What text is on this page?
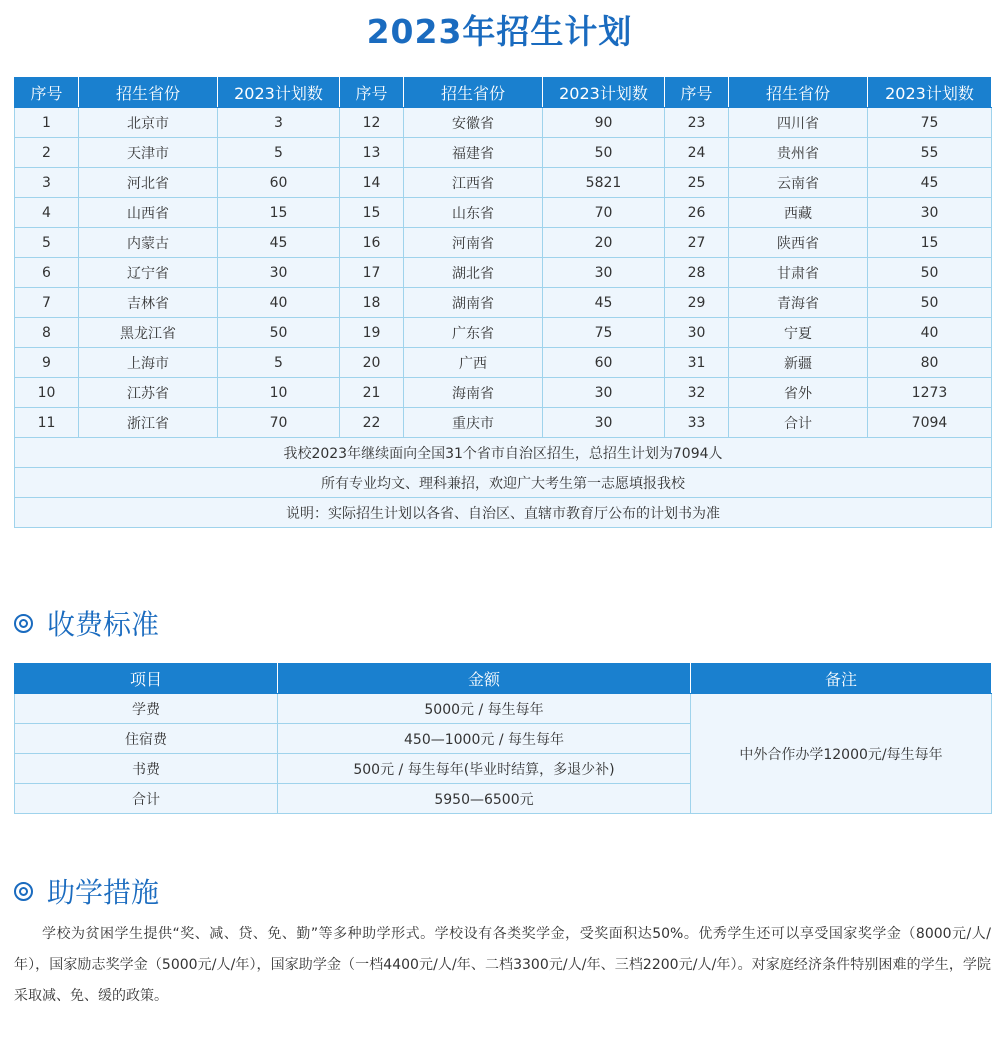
2023年招生计划
序号	招生省份	2023计划数	序号	招生省份	2023计划数	序号	招生省份	2023计划数
1	北京市	3	12	安徽省	90	23	四川省	75
2	天津市	5	13	福建省	50	24	贵州省	55
3	河北省	60	14	江西省	5821	25	云南省	45
4	山西省	15	15	山东省	70	26	西藏	30
5	内蒙古	45	16	河南省	20	27	陕西省	15
6	辽宁省	30	17	湖北省	30	28	甘肃省	50
7	吉林省	40	18	湖南省	45	29	青海省	50
8	黑龙江省	50	19	广东省	75	30	宁夏	40
9	上海市	5	20	广西	60	31	新疆	80
10	江苏省	10	21	海南省	30	32	省外	1273
11	浙江省	70	22	重庆市	30	33	合计	7094
我校2023年继续面向全国31个省市自治区招生，总招生计划为7094人								
所有专业均文、理科兼招，欢迎广大考生第一志愿填报我校								
说明：实际招生计划以各省、自治区、直辖市教育厅公布的计划书为准								
收费标准
项目	金额	备注
学费	5000元 / 每生每年	中外合作办学12000元/每生每年
住宿费	450—1000元 / 每生每年	
书费	500元 / 每生每年(毕业时结算，多退少补)	
合计	5950—6500元	
助学措施
学校为贫困学生提供“奖、减、贷、免、勤”等多种助学形式。学校设有各类奖学金，受奖面积达50%。优秀学生还可以享受国家奖学金（8000元/人/年），国家励志奖学金（5000元/人/年），国家助学金（一档4400元/人/年、二档3300元/人/年、三档2200元/人/年）。对家庭经济条件特别困难的学生，学院采取减、免、缓的政策。
